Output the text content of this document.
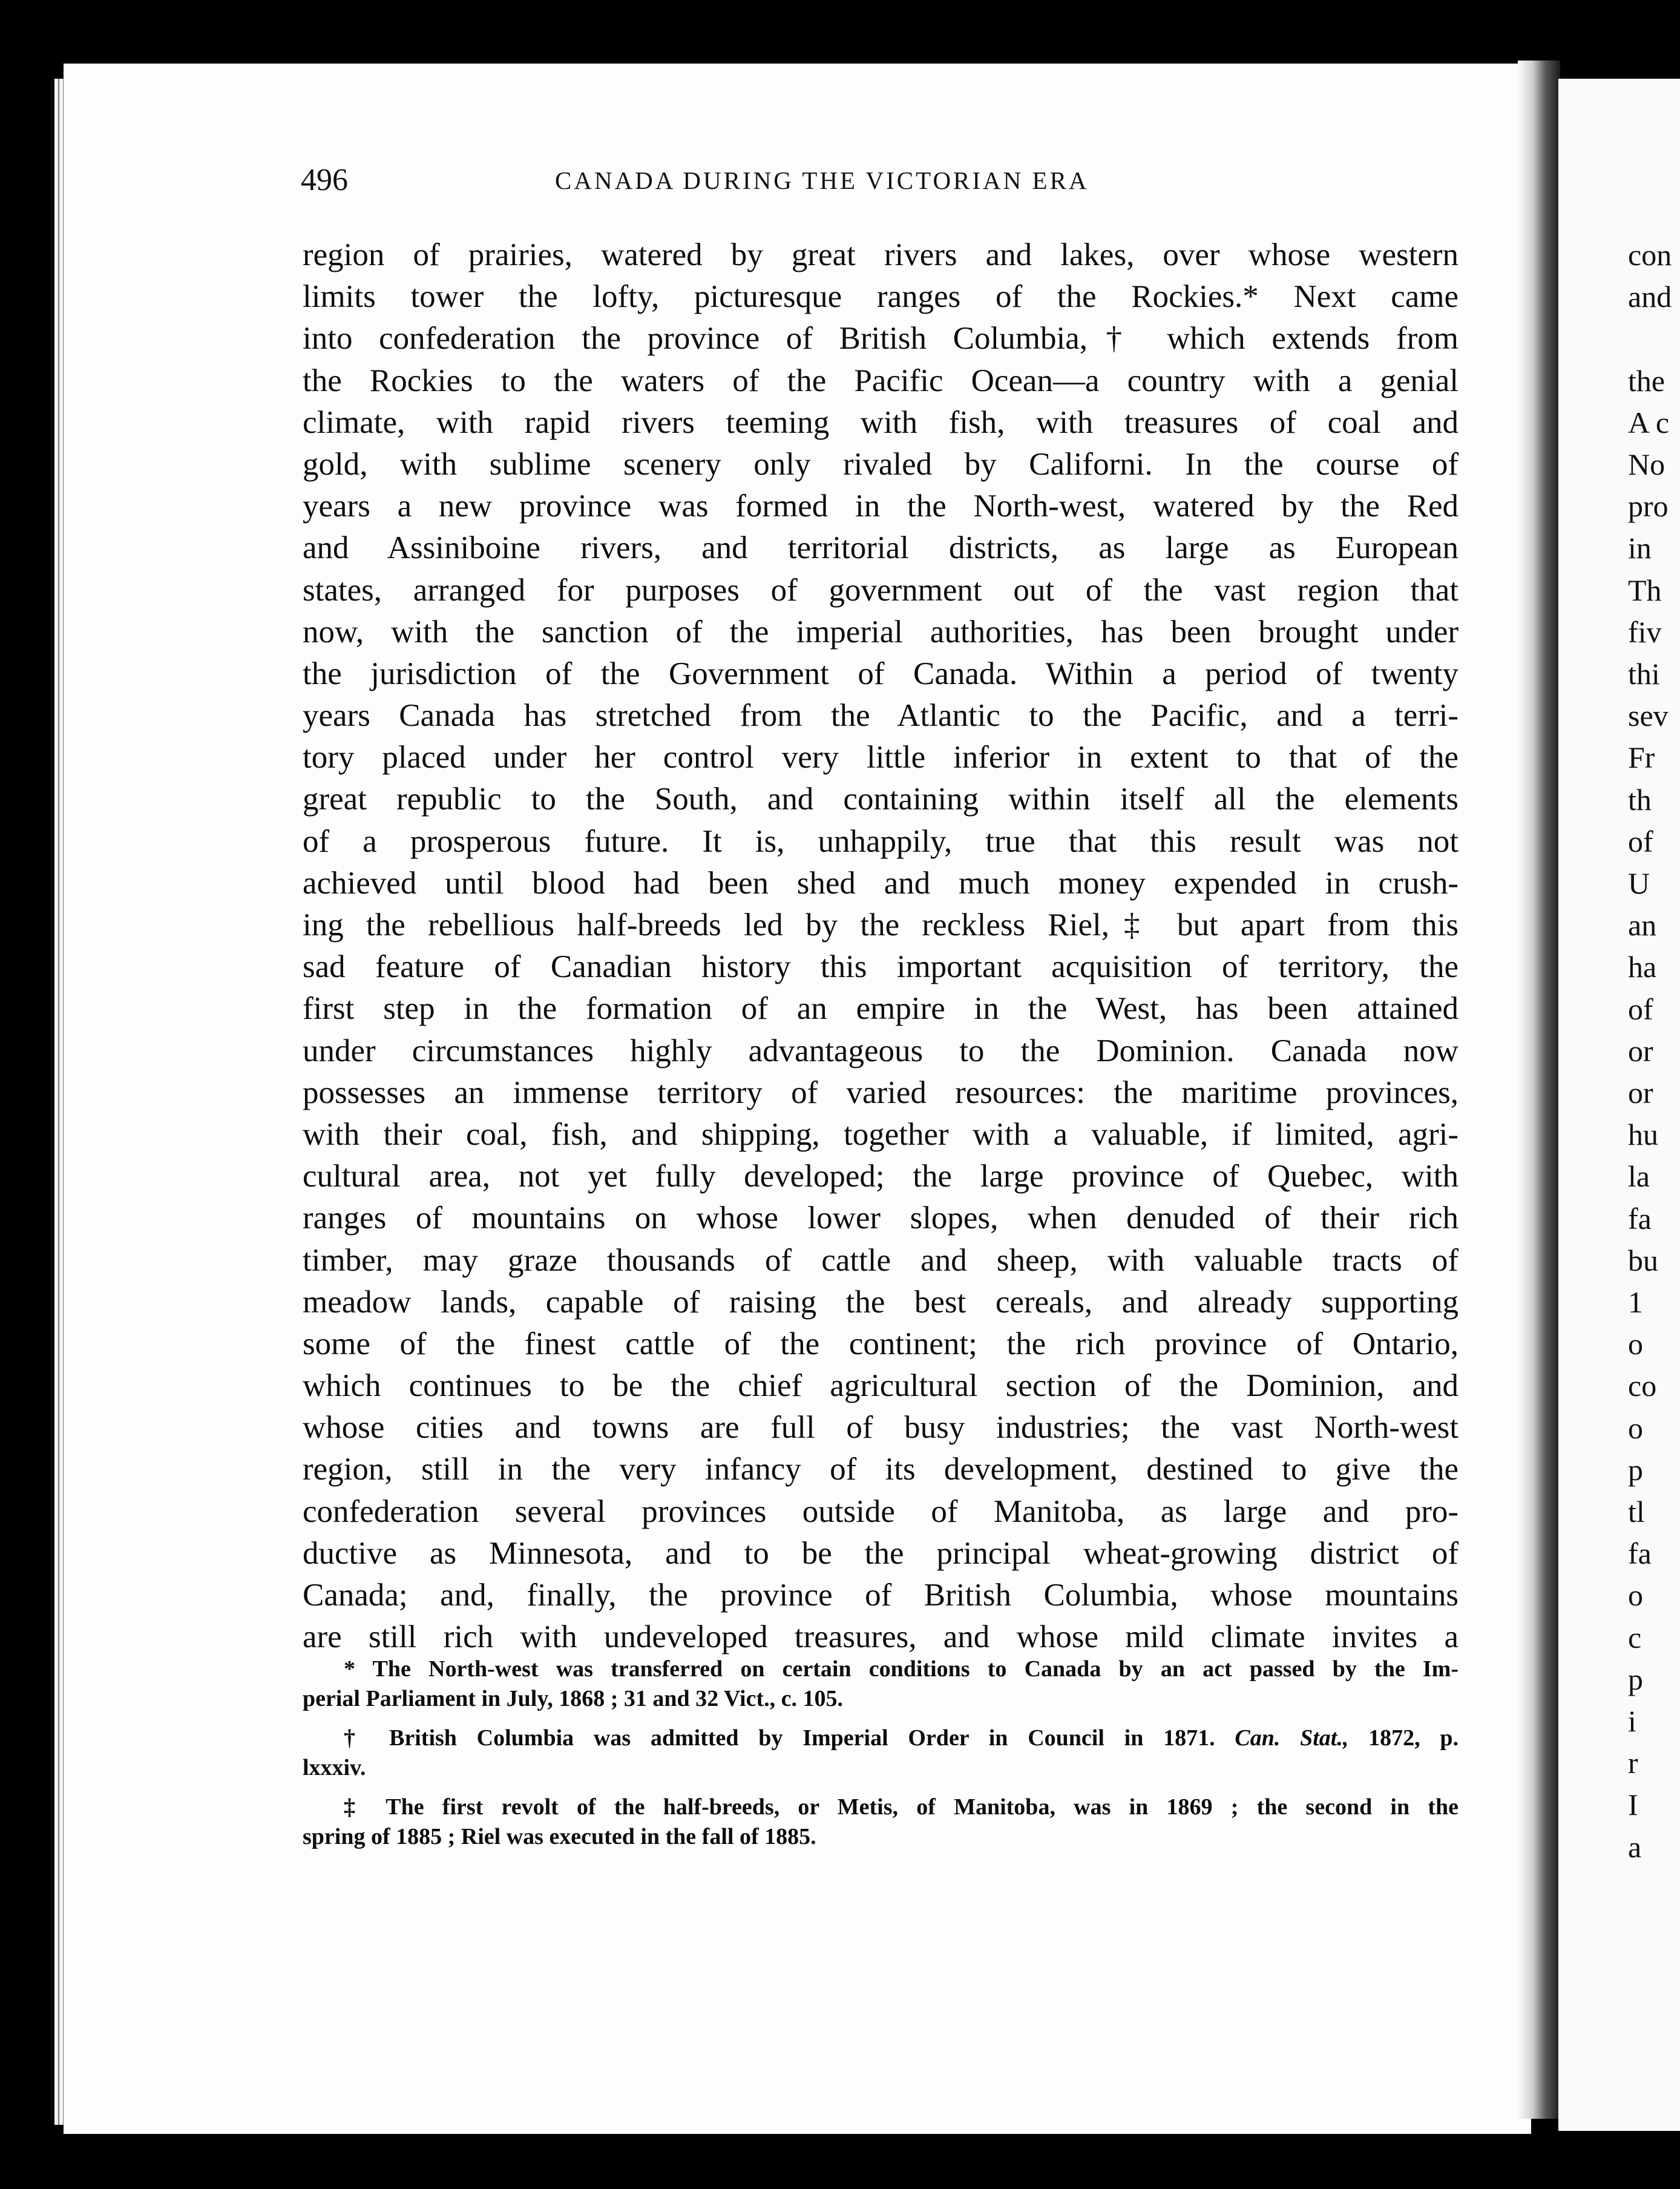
con
and
the
A c
No
pro
in
Th
fiv
thi
sev
Fr
th
of
U
an
ha
of
or
or
hu
la
fa
bu
1
o
co
o
p
tl
fa
o
c
p
i
r
I
a
496	CANADA DURING THE VICTORIAN ERA
region of prairies, watered by great rivers and lakes, over whose western
limits tower the lofty, picturesque ranges of the Rockies.* Next came
into confederation the province of British Columbia,† which extends from
the Rockies to the waters of the Pacific Ocean—a country with a genial
climate, with rapid rivers teeming with fish, with treasures of coal and
gold, with sublime scenery only rivaled by Californi. In the course of
years a new province was formed in the North-west, watered by the Red
and Assiniboine rivers, and territorial districts, as large as European
states, arranged for purposes of government out of the vast region that
now, with the sanction of the imperial authorities, has been brought under
the jurisdiction of the Government of Canada. Within a period of twenty
years Canada has stretched from the Atlantic to the Pacific, and a terri-
tory placed under her control very little inferior in extent to that of the
great republic to the South, and containing within itself all the elements
of a prosperous future. It is, unhappily, true that this result was not
achieved until blood had been shed and much money expended in crush-
ing the rebellious half-breeds led by the reckless Riel,‡ but apart from this
sad feature of Canadian history this important acquisition of territory, the
first step in the formation of an empire in the West, has been attained
under circumstances highly advantageous to the Dominion. Canada now
possesses an immense territory of varied resources: the maritime provinces,
with their coal, fish, and shipping, together with a valuable, if limited, agri-
cultural area, not yet fully developed; the large province of Quebec, with
ranges of mountains on whose lower slopes, when denuded of their rich
timber, may graze thousands of cattle and sheep, with valuable tracts of
meadow lands, capable of raising the best cereals, and already supporting
some of the finest cattle of the continent; the rich province of Ontario,
which continues to be the chief agricultural section of the Dominion, and
whose cities and towns are full of busy industries; the vast North-west
region, still in the very infancy of its development, destined to give the
confederation several provinces outside of Manitoba, as large and pro-
ductive as Minnesota, and to be the principal wheat-growing district of
Canada; and, finally, the province of British Columbia, whose mountains
are still rich with undeveloped treasures, and whose mild climate invites a
* The North-west was transferred on certain conditions to Canada by an act passed by the Im-
perial Parliament in July, 1868 ; 31 and 32 Vict., c. 105.
† British Columbia was admitted by Imperial Order in Council in 1871. Can. Stat., 1872, p.
lxxxiv.
‡ The first revolt of the half-breeds, or Metis, of Manitoba, was in 1869 ; the second in the
spring of 1885 ; Riel was executed in the fall of 1885.
